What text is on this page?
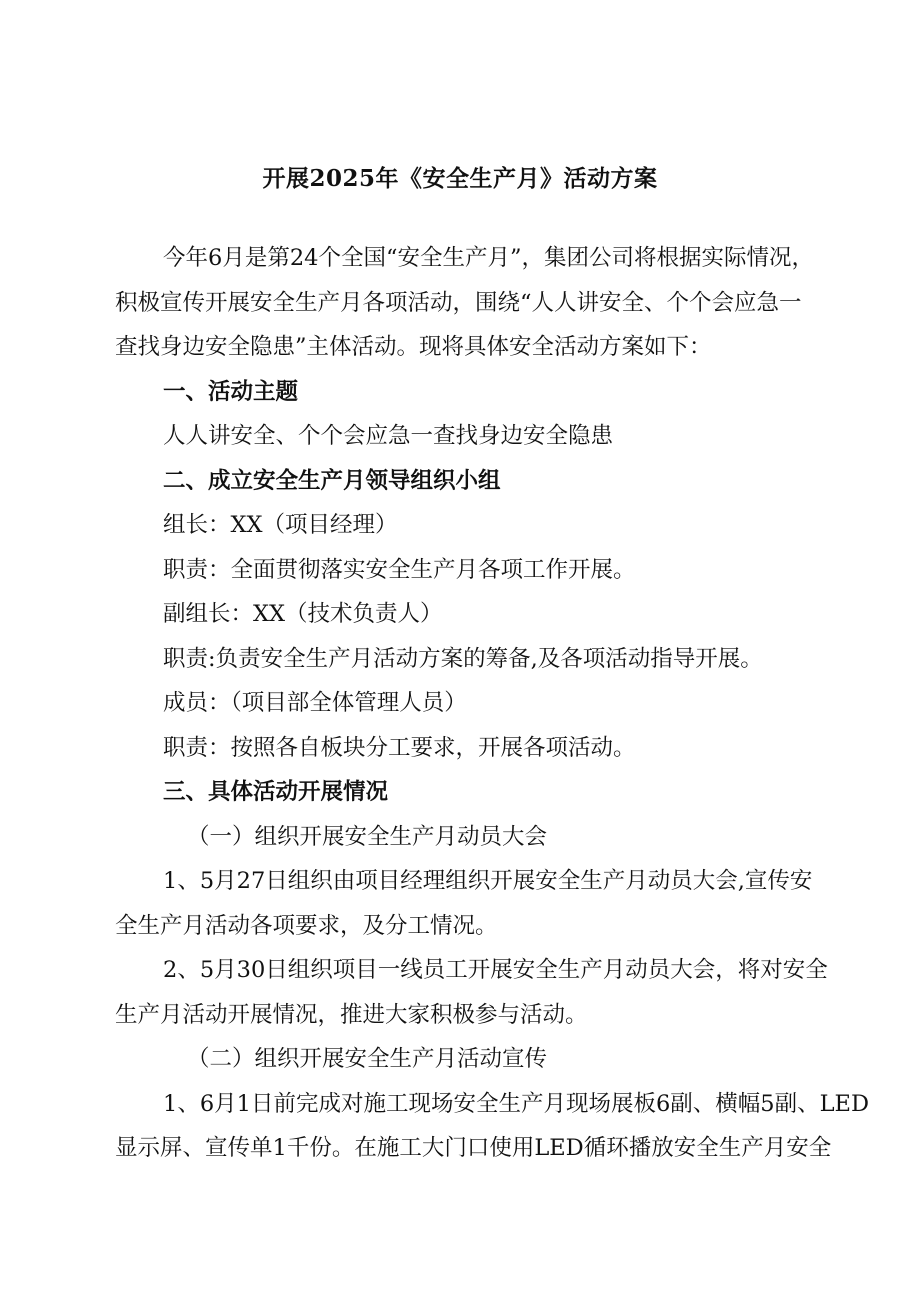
开展2025年《安全生产月》活动方案

今年6月是第24个全国“安全生产月”，集团公司将根据实际情况，

积极宣传开展安全生产月各项活动，围绕“人人讲安全、个个会应急一

查找身边安全隐患”主体活动。现将具体安全活动方案如下：

一、活动主题

人人讲安全、个个会应急一查找身边安全隐患

二、成立安全生产月领导组织小组

组长：XX（项目经理）

职责：全面贯彻落实安全生产月各项工作开展。

副组长：XX（技术负责人）

职责:负责安全生产月活动方案的筹备,及各项活动指导开展。

成员：（项目部全体管理人员）

职责：按照各自板块分工要求，开展各项活动。

三、具体活动开展情况

（一）组织开展安全生产月动员大会

1、5月27日组织由项目经理组织开展安全生产月动员大会,宣传安

全生产月活动各项要求，及分工情况。

2、5月30日组织项目一线员工开展安全生产月动员大会，将对安全

生产月活动开展情况，推进大家积极参与活动。

（二）组织开展安全生产月活动宣传

1、6月1日前完成对施工现场安全生产月现场展板6副、横幅5副、LED

显示屏、宣传单1千份。在施工大门口使用LED循环播放安全生产月安全
